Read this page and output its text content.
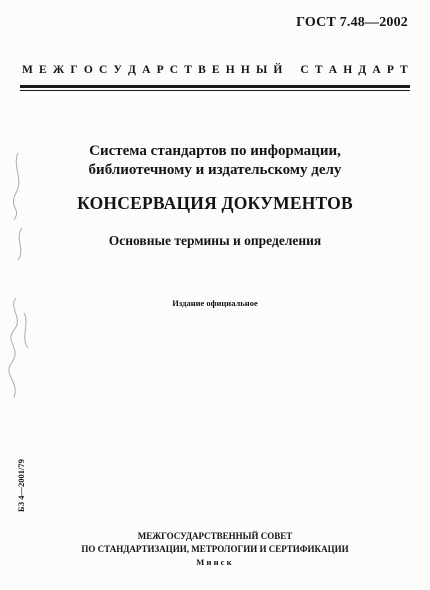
ГОСТ 7.48—2002
М Е Ж Г О С У Д А Р С Т В Е Н Н Ы Й
С Т А Н Д А Р Т
Система стандартов по информации,
библиотечному и издательскому делу
КОНСЕРВАЦИЯ ДОКУМЕНТОВ
Основные термины и определения
Издание официальное
БЗ 4—2001/79
МЕЖГОСУДАРСТВЕННЫЙ СОВЕТ
ПО СТАНДАРТИЗАЦИИ, МЕТРОЛОГИИ И СЕРТИФИКАЦИИ
Минск
